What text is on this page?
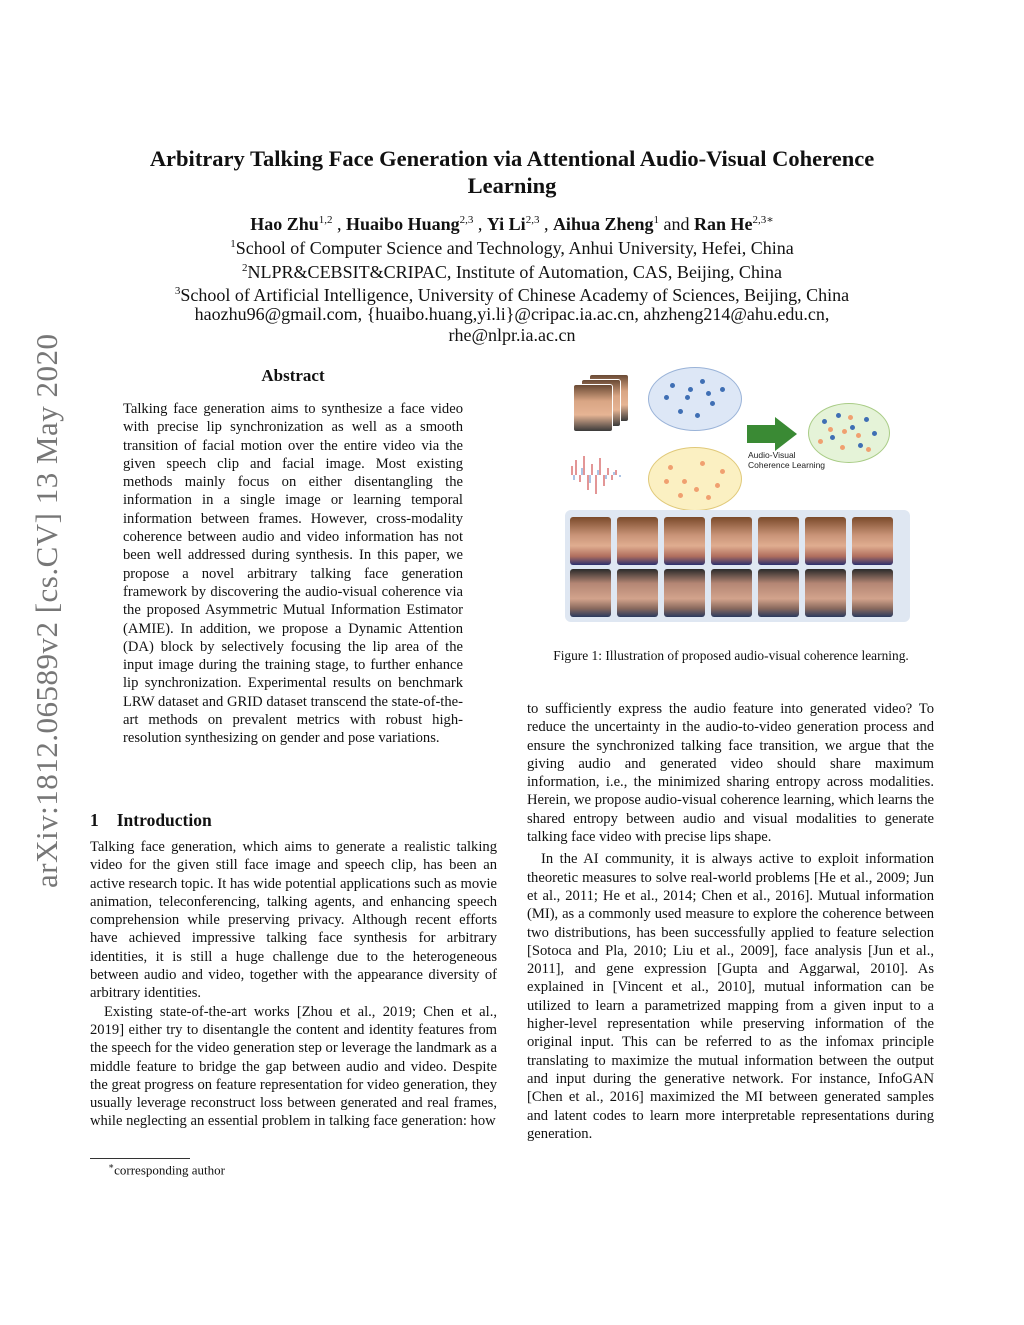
arXiv:1812.06589v2 [cs.CV] 13 May 2020
Arbitrary Talking Face Generation via Attentional Audio-Visual Coherence
Learning
Hao Zhu$^{1,2}$ , Huaibo Huang$^{2,3}$ , Yi Li$^{2,3}$ , Aihua Zheng$^1$ and Ran $He^{2,3∗}$
$^1$School of Computer Science and Technology, Anhui University, Hefei, China
$^2$NLPR&CEBSIT&CRIPAC, Institute of Automation, CAS, Beijing, China
$^3$School of Artificial Intelligence, University of Chinese Academy of Sciences, Beijing, China
haozhu96@gmail.com, {huaibo.huang,yi.li}@cripac.ia.ac.cn, ahzheng214@ahu.edu.cn,
rhe@nlpr.ia.ac.cn
Abstract

Talking face generation aims to synthesize a face video with precise lip synchronization as well as a smooth transition of facial motion over the entire video via the given speech clip and facial image. Most existing methods mainly focus on either disentangling the information in a single image or learning temporal information between frames. However, cross-modality coherence between audio and video information has not been well addressed during synthesis. In this paper, we propose a novel arbitrary talking face generation framework by discovering the audio-visual coherence via the proposed Asymmetric Mutual Information Estimator (AMIE). In addition, we propose a Dynamic Attention (DA) block by selectively focusing the lip area of the input image during the training stage, to further enhance lip synchronization. Experimental results on benchmark LRW dataset and GRID dataset transcend the state-of-the-art methods on prevalent metrics with robust high-resolution synthesizing on gender and pose variations.

1 Introduction

Talking face generation, which aims to generate a realistic talking video for the given still face image and speech clip, has been an active research topic. It has wide potential applications such as movie animation, teleconferencing, talking agents, and enhancing speech comprehension while preserving privacy. Although recent efforts have achieved impressive talking face synthesis for arbitrary identities, it is still a huge challenge due to the heterogeneous between audio and video, together with the appearance diversity of arbitrary identities.

Existing state-of-the-art works [Zhou et al., 2019; Chen et al., 2019] either try to disentangle the content and identity features from the speech for the video generation step or leverage the landmark as a middle feature to bridge the gap between audio and video. Despite the great progress on feature representation for video generation, they usually leverage reconstruct loss between generated and real frames, while neglecting an essential problem in talking face generation: how

∗corresponding author
Audio-Visual
Coherence Learning
Figure 1: Illustration of proposed audio-visual coherence learning.

to sufficiently express the audio feature into generated video? To reduce the uncertainty in the audio-to-video generation process and ensure the synchronized talking face transition, we argue that the giving audio and generated video should share maximum information, i.e., the minimized sharing entropy across modalities. Herein, we propose audio-visual coherence learning, which learns the shared entropy between audio and visual modalities to generate talking face video with precise lips shape.

In the AI community, it is always active to exploit information theoretic measures to solve real-world problems [He et al., 2009; Jun et al., 2011; He et al., 2014; Chen et al., 2016]. Mutual information (MI), as a commonly used measure to explore the coherence between two distributions, has been successfully applied to feature selection [Sotoca and Pla, 2010; Liu et al., 2009], face analysis [Jun et al., 2011], and gene expression [Gupta and Aggarwal, 2010]. As explained in [Vincent et al., 2010], mutual information can be utilized to learn a parametrized mapping from a given input to a higher-level representation while preserving information of the original input. This can be referred to as the infomax principle translating to maximize the mutual information between the output and input during the generative network. For instance, InfoGAN [Chen et al., 2016] maximized the MI between generated samples and latent codes to learn more interpretable representations during generation.
